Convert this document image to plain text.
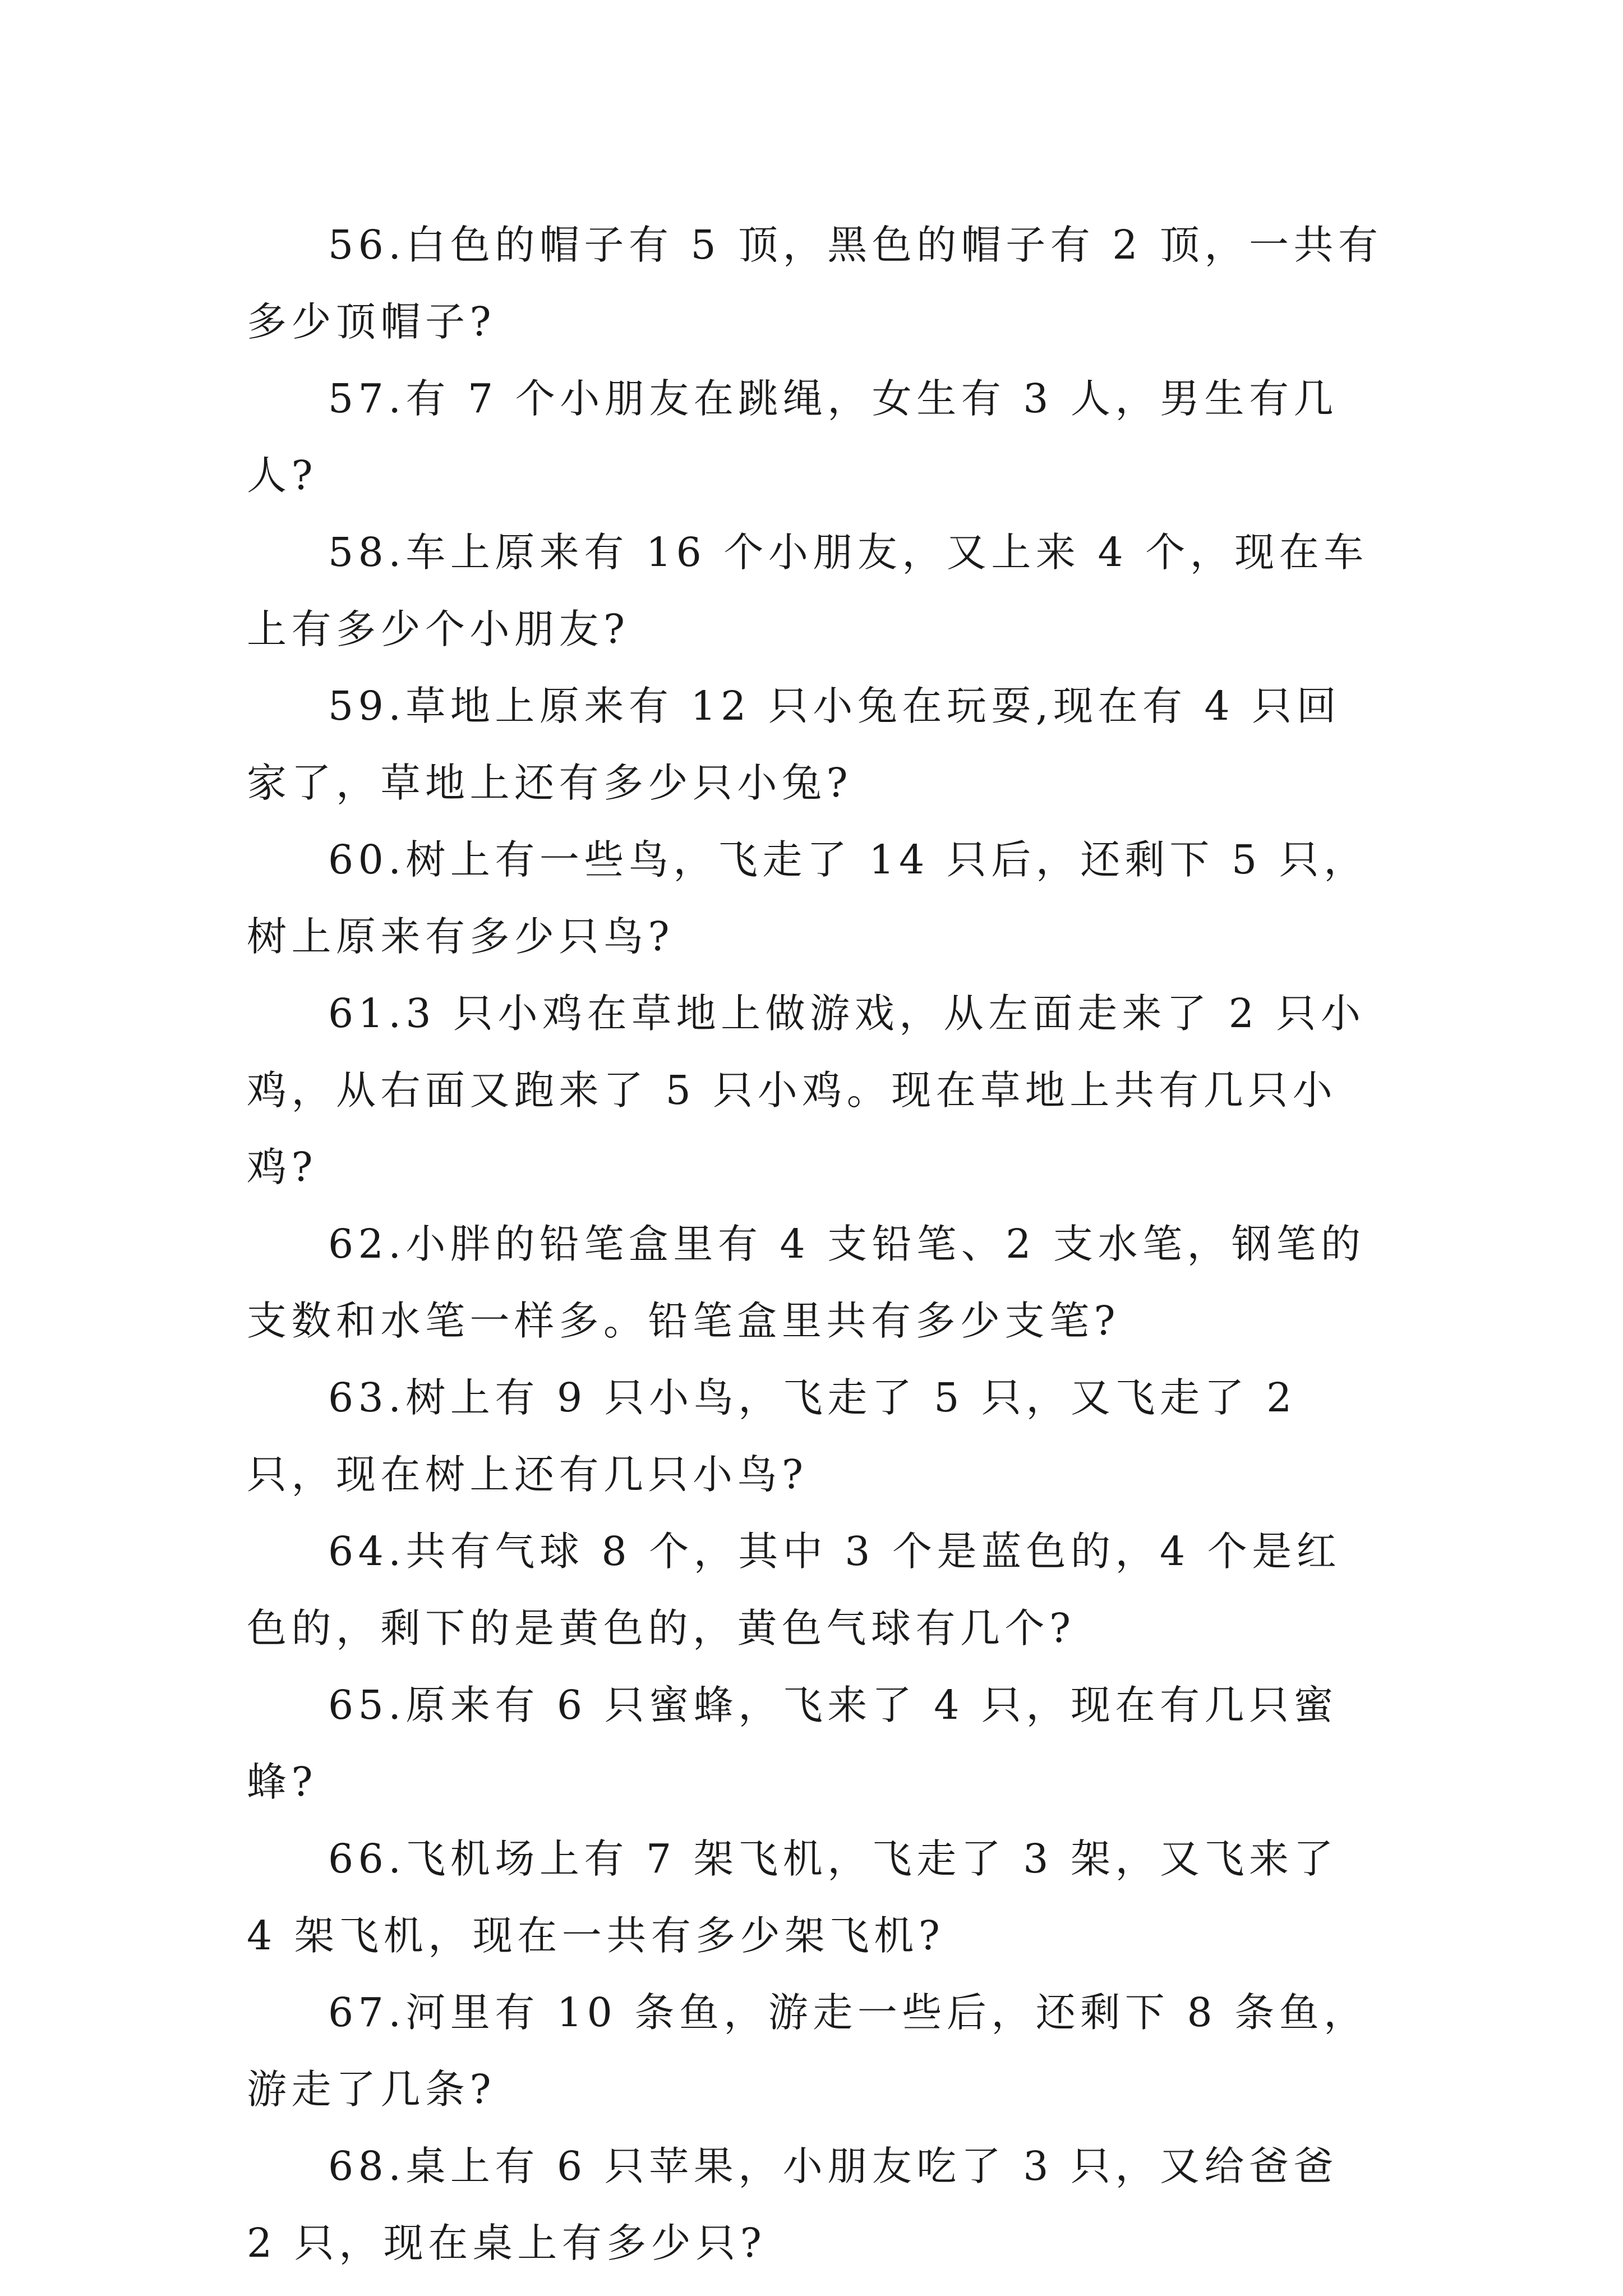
56.白色的帽子有 5 顶，黑色的帽子有 2 顶，一共有多少顶帽子?

57.有 7 个小朋友在跳绳，女生有 3 人，男生有几人?

58.车上原来有 16 个小朋友，又上来 4 个，现在车上有多少个小朋友?

59.草地上原来有 12 只小兔在玩耍,现在有 4 只回家了，草地上还有多少只小兔?

60.树上有一些鸟，飞走了 14 只后，还剩下 5 只，树上原来有多少只鸟?

61.3 只小鸡在草地上做游戏，从左面走来了 2 只小鸡，从右面又跑来了 5 只小鸡。现在草地上共有几只小鸡?

62.小胖的铅笔盒里有 4 支铅笔、2 支水笔，钢笔的支数和水笔一样多。铅笔盒里共有多少支笔?

63.树上有 9 只小鸟，飞走了 5 只，又飞走了 2 只，现在树上还有几只小鸟?

64.共有气球 8 个，其中 3 个是蓝色的，4 个是红色的，剩下的是黄色的，黄色气球有几个?

65.原来有 6 只蜜蜂，飞来了 4 只，现在有几只蜜蜂?

66.飞机场上有 7 架飞机，飞走了 3 架，又飞来了 4 架飞机，现在一共有多少架飞机?

67.河里有 10 条鱼，游走一些后，还剩下 8 条鱼，游走了几条?

68.桌上有 6 只苹果，小朋友吃了 3 只，又给爸爸 2 只，现在桌上有多少只?
